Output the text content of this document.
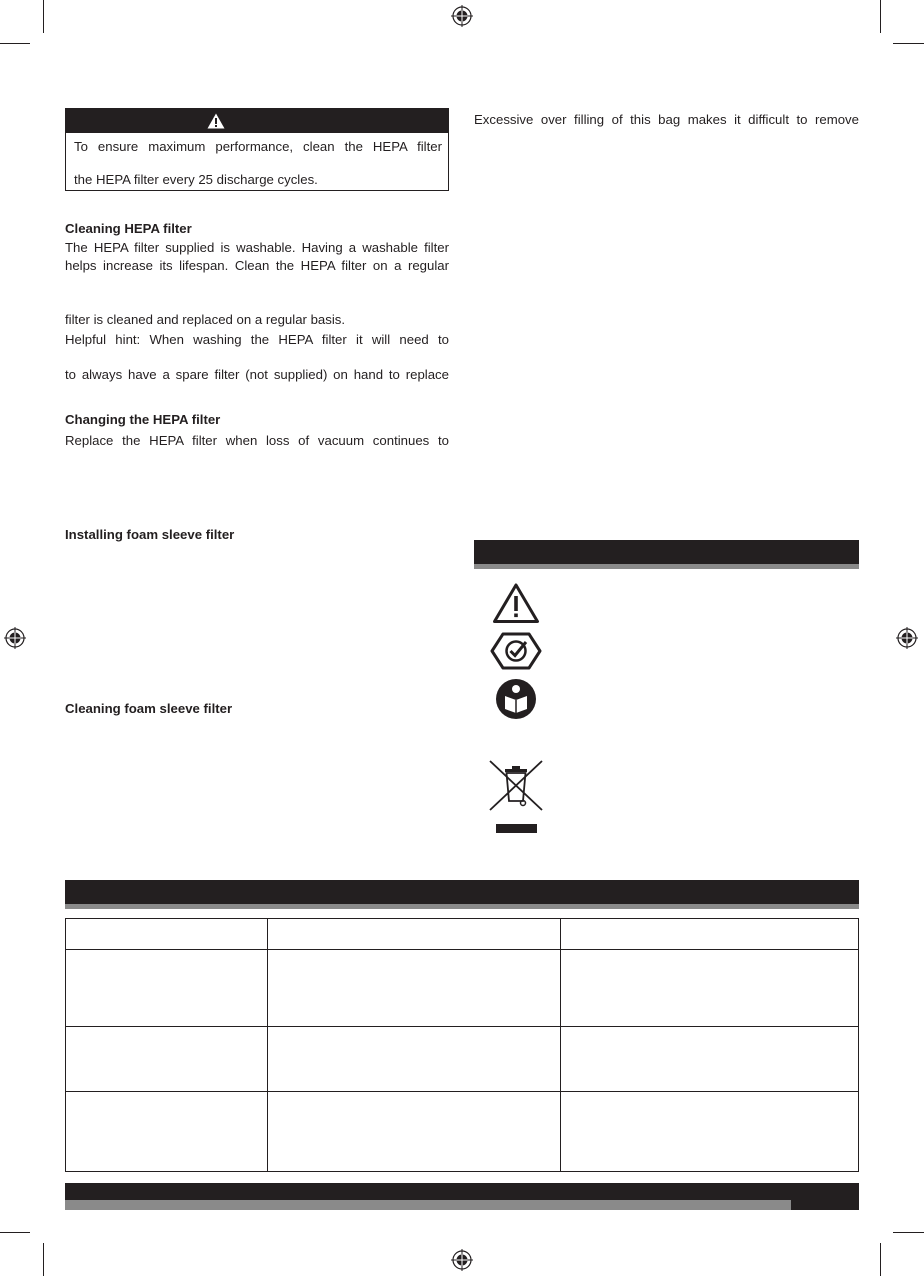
To ensure maximum performance, clean the HEPA filter

the HEPA filter every 25 discharge cycles.

Cleaning HEPA filter

The HEPA filter supplied is washable. Having a washable filter

helps increase its lifespan. Clean the HEPA filter on a regular

filter is cleaned and replaced on a regular basis.

Helpful hint: When washing the HEPA filter it will need to

to always have a spare filter (not supplied) on hand to replace

Changing the HEPA filter

Replace the HEPA filter when loss of vacuum continues to

Installing foam sleeve filter
Cleaning foam sleeve filter

Excessive over filling of this bag makes it difficult to remove
